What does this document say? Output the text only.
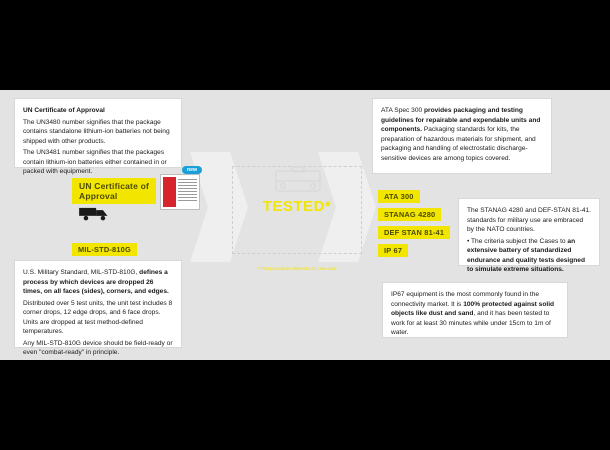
TESTED*
* Test procedure depends on case size
UN Certificate of Approval

The UN3480 number signifies that the package contains standalone lithium-ion batteries not being shipped with other products.

The UN3481 number signifies that the packages contain lithium-ion batteries either contained in or packed with equipment.

UN Certificate of
Approval
new
MIL-STD-810G

U.S. Military Standard, MIL-STD-810G, defines a process by which devices are dropped 26 times, on all faces (sides), corners, and edges.

Distributed over 5 test units, the unit test includes 8 corner drops, 12 edge drops, and 6 face drops. Units are dropped at test method-defined temperatures.

Any MIL-STD-810G device should be field-ready or even "combat-ready" in principle.

ATA Spec 300 provides packaging and testing guidelines for repairable and expendable units and components. Packaging standards for kits, the preparation of hazardous materials for shipment, and packaging and handling of electrostatic discharge-sensitive devices are among topics covered.

ATA 300
STANAG 4280
DEF STAN 81-41
IP 67

The STANAG 4280 and DEF-STAN 81-41. standards for military use are embraced by the NATO countries.

• The criteria subject the Cases to an extensive battery of standardized endurance and quality tests designed to simulate extreme situations.

IP67 equipment is the most commonly found in the connectivity market. It is 100% protected against solid objects like dust and sand, and it has been tested to work for at least 30 minutes while under 15cm to 1m of water.
